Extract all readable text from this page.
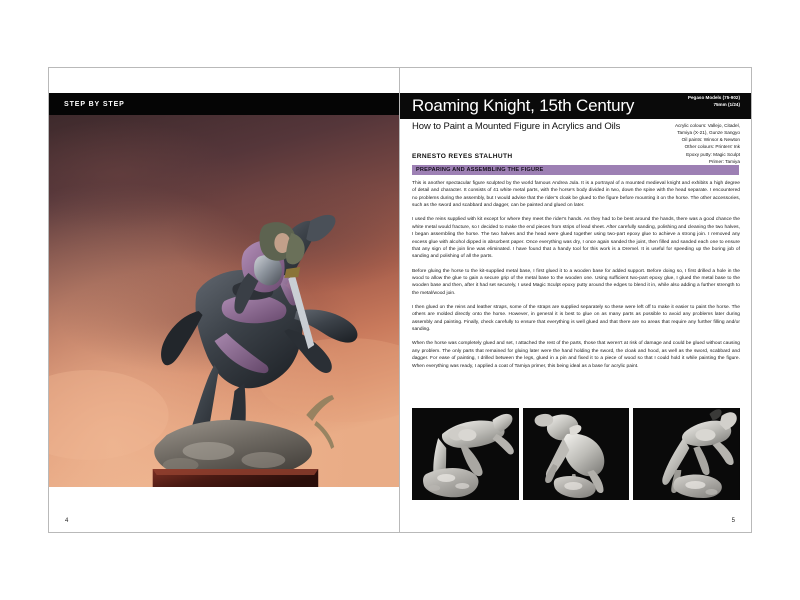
STEP BY STEP
4
Roaming Knight, 15th Century
How to Paint a Mounted Figure in Acrylics and Oils
ERNESTO REYES STALHUTH
Pegaso Models (75-902)
75mm (1/24)
Acrylic colours: Vallejo, Citadel,
Tamiya (X-21), Gunze Sangyo
Oil paints: Winsor & Newton
Other colours: Printers' Ink
Epoxy putty: Magic Sculpt
Primer: Tamiya
PREPARING AND ASSEMBLING THE FIGURE

This is another spectacular figure sculpted by the world famous Andrea Jula. It is a portrayal of a mounted medieval knight and exhibits a high degree of detail and character. It consists of 41 white metal parts, with the horse's body divided in two, down the spine with the head separate. I encountered no problems during the assembly, but I would advise that the rider's cloak be glued to the figure before mounting it on the horse. The other accessories, such as the sword and scabbard and dagger, can be painted and glued on later.

I used the reins supplied with kit except for where they meet the rider's hands. As they had to be bent around the hands, there was a good chance the white metal would fracture, so I decided to make the end pieces from strips of lead sheet. After carefully sanding, polishing and cleaning the two halves, I began assembling the horse. The two halves and the head were glued together using two-part epoxy glue to achieve a strong join. I removed any excess glue with alcohol dipped in absorbent paper. Once everything was dry, I once again sanded the joint, then filled and sanded each one to ensure that any sign of the join line was eliminated. I have found that a handy tool for this work is a Dremel. It is useful for speeding up the boring job of sanding and polishing of all the parts.

Before gluing the horse to the kit-supplied metal base, I first glued it to a wooden base for added support. Before doing so, I first drilled a hole in the wood to allow the glue to gain a secure grip of the metal base to the wooden one. Using sufficient two-part epoxy glue, I glued the metal base to the wooden base and then, after it had set securely, I used Magic Sculpt epoxy putty around the edges to blend it in, while also adding a further strength to the metal/wood join.

I then glued on the reins and leather straps, some of the straps are supplied separately so these were left off to make it easier to paint the horse. The others are molded directly onto the horse. However, in general it is best to glue on as many parts as possible to avoid any problems later during assembly and painting. Finally, check carefully to ensure that everything is well glued and that there are no areas that require any further filling and/or sanding.

When the horse was completely glued and set, I attached the rest of the parts, those that weren't at risk of damage and could be glued without causing any problem. The only parts that remained for gluing later were the hand holding the sword, the cloak and hood, as well as the sword, scabbard and dagger. For ease of painting, I drilled between the legs, glued in a pin and fixed it to a piece of wood so that I could hold it while painting the figure. When everything was ready, I applied a coat of Tamiya primer, this being ideal as a base for acrylic paint.

5
